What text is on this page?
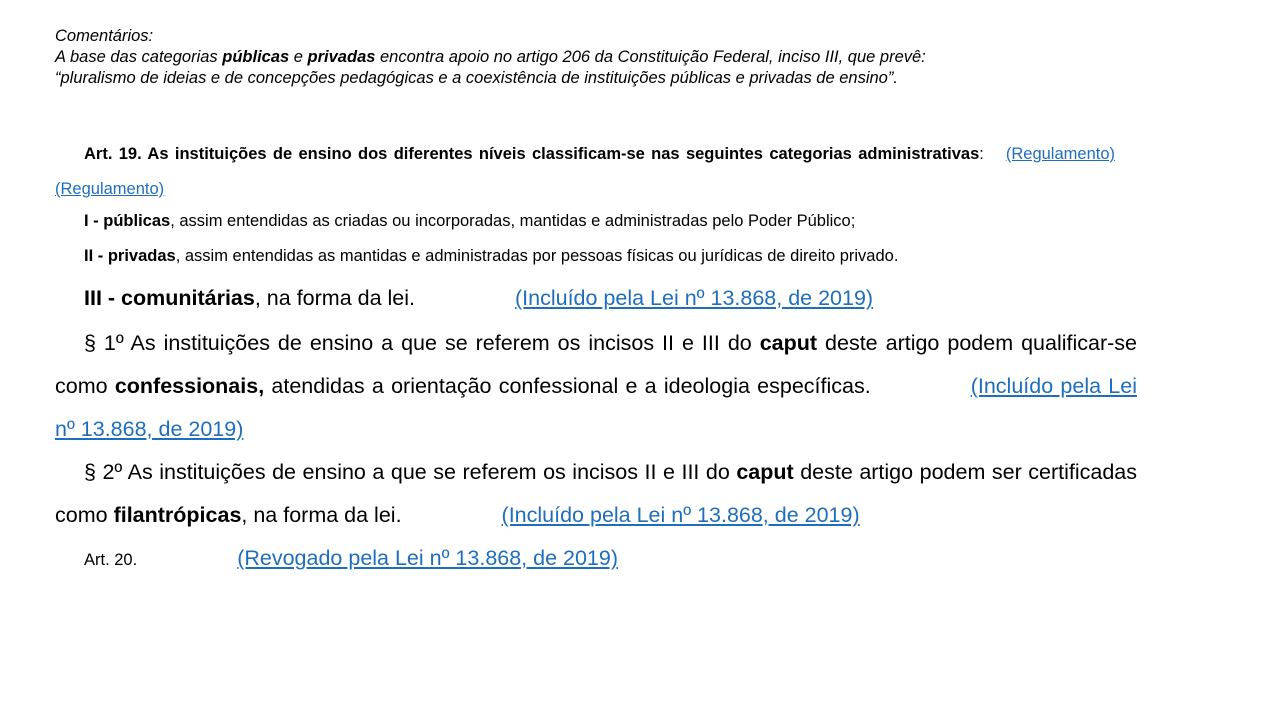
Comentários:
A base das categorias públicas e privadas encontra apoio no artigo 206 da Constituição Federal, inciso III, que prevê:
“pluralismo de ideias e de concepções pedagógicas e a coexistência de instituições públicas e privadas de ensino”.

Art. 19. As instituições de ensino dos diferentes níveis classificam-se nas seguintes categorias administrativas: (Regulamento)(Regulamento)

I - públicas, assim entendidas as criadas ou incorporadas, mantidas e administradas pelo Poder Público;

II - privadas, assim entendidas as mantidas e administradas por pessoas físicas ou jurídicas de direito privado.

III - comunitárias, na forma da lei.	(Incluído pela Lei nº 13.868, de 2019)

§ 1º As instituições de ensino a que se referem os incisos II e III do caput deste artigo podem qualificar-se como confessionais, atendidas a orientação confessional e a ideologia específicas.	(Incluído pela Lei nº 13.868, de 2019)

§ 2º As instituições de ensino a que se referem os incisos II e III do caput deste artigo podem ser certificadas como filantrópicas, na forma da lei.	(Incluído pela Lei nº 13.868, de 2019)

Art. 20.	(Revogado pela Lei nº 13.868, de 2019)
